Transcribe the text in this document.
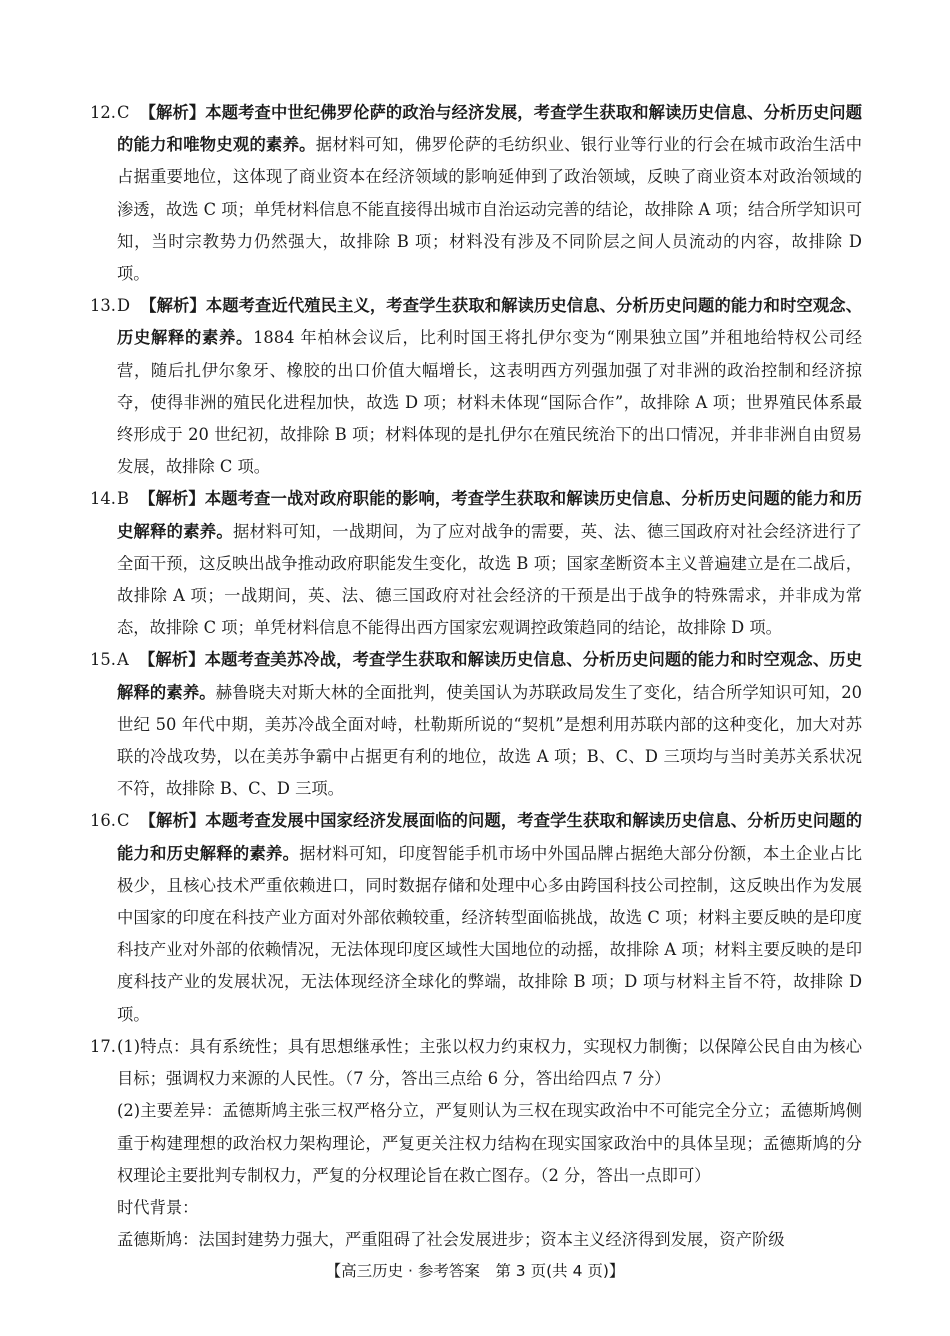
12.C 【解析】本题考查中世纪佛罗伦萨的政治与经济发展，考查学生获取和解读历史信息、分析历史问题的能力和唯物史观的素养。据材料可知，佛罗伦萨的毛纺织业、银行业等行业的行会在城市政治生活中占据重要地位，这体现了商业资本在经济领域的影响延伸到了政治领域，反映了商业资本对政治领域的渗透，故选 C 项；单凭材料信息不能直接得出城市自治运动完善的结论，故排除 A 项；结合所学知识可知，当时宗教势力仍然强大，故排除 B 项；材料没有涉及不同阶层之间人员流动的内容，故排除 D 项。
13.D 【解析】本题考查近代殖民主义，考查学生获取和解读历史信息、分析历史问题的能力和时空观念、历史解释的素养。1884 年柏林会议后，比利时国王将扎伊尔变为“刚果独立国”并租地给特权公司经营，随后扎伊尔象牙、橡胶的出口价值大幅增长，这表明西方列强加强了对非洲的政治控制和经济掠夺，使得非洲的殖民化进程加快，故选 D 项；材料未体现“国际合作”，故排除 A 项；世界殖民体系最终形成于 20 世纪初，故排除 B 项；材料体现的是扎伊尔在殖民统治下的出口情况，并非非洲自由贸易发展，故排除 C 项。
14.B 【解析】本题考查一战对政府职能的影响，考查学生获取和解读历史信息、分析历史问题的能力和历史解释的素养。据材料可知，一战期间，为了应对战争的需要，英、法、德三国政府对社会经济进行了全面干预，这反映出战争推动政府职能发生变化，故选 B 项；国家垄断资本主义普遍建立是在二战后，故排除 A 项；一战期间，英、法、德三国政府对社会经济的干预是出于战争的特殊需求，并非成为常态，故排除 C 项；单凭材料信息不能得出西方国家宏观调控政策趋同的结论，故排除 D 项。
15.A 【解析】本题考查美苏冷战，考查学生获取和解读历史信息、分析历史问题的能力和时空观念、历史解释的素养。赫鲁晓夫对斯大林的全面批判，使美国认为苏联政局发生了变化，结合所学知识可知，20 世纪 50 年代中期，美苏冷战全面对峙，杜勒斯所说的“契机”是想利用苏联内部的这种变化，加大对苏联的冷战攻势，以在美苏争霸中占据更有利的地位，故选 A 项；B、C、D 三项均与当时美苏关系状况不符，故排除 B、C、D 三项。
16.C 【解析】本题考查发展中国家经济发展面临的问题，考查学生获取和解读历史信息、分析历史问题的能力和历史解释的素养。据材料可知，印度智能手机市场中外国品牌占据绝大部分份额，本土企业占比极少，且核心技术严重依赖进口，同时数据存储和处理中心多由跨国科技公司控制，这反映出作为发展中国家的印度在科技产业方面对外部依赖较重，经济转型面临挑战，故选 C 项；材料主要反映的是印度科技产业对外部的依赖情况，无法体现印度区域性大国地位的动摇，故排除 A 项；材料主要反映的是印度科技产业的发展状况，无法体现经济全球化的弊端，故排除 B 项；D 项与材料主旨不符，故排除 D 项。
17.(1)特点：具有系统性；具有思想继承性；主张以权力约束权力，实现权力制衡；以保障公民自由为核心目标；强调权力来源的人民性。（7 分，答出三点给 6 分，答出给四点 7 分）
(2)主要差异：孟德斯鸠主张三权严格分立，严复则认为三权在现实政治中不可能完全分立；孟德斯鸠侧重于构建理想的政治权力架构理论，严复更关注权力结构在现实国家政治中的具体呈现；孟德斯鸠的分权理论主要批判专制权力，严复的分权理论旨在救亡图存。（2 分，答出一点即可）
时代背景：
孟德斯鸠：法国封建势力强大，严重阻碍了社会发展进步；资本主义经济得到发展，资产阶级
【高三历史 · 参考答案　第 3 页(共 4 页)】
